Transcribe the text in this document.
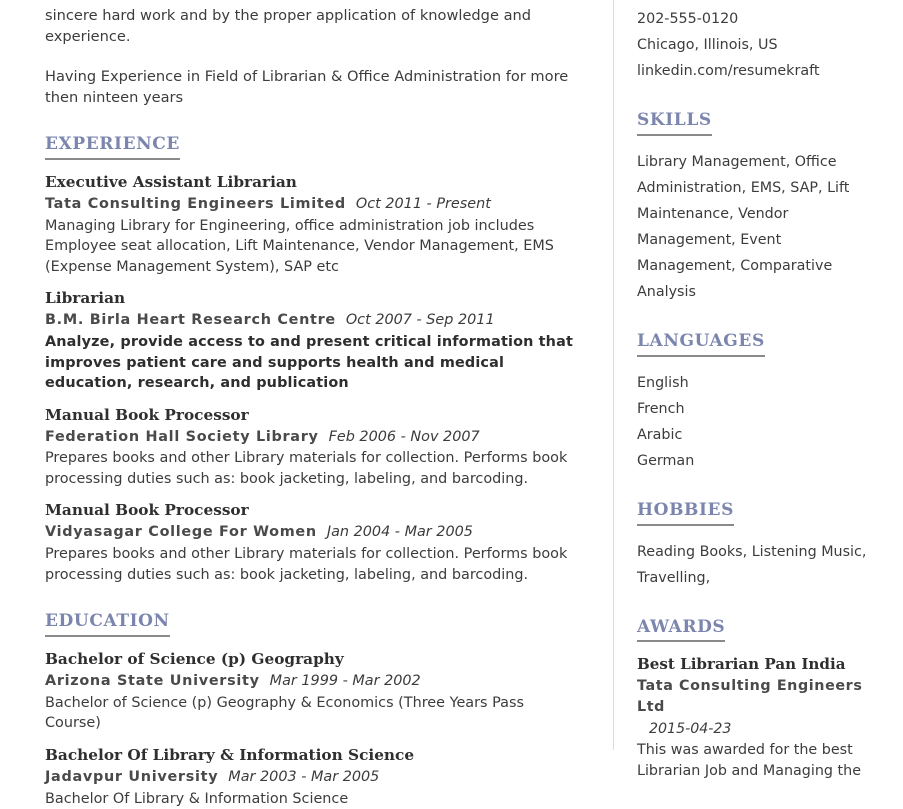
sincere hard work and by the proper application of knowledge and experience.

Having Experience in Field of Librarian & Office Administration for more then ninteen years

EXPERIENCE
Executive Assistant Librarian
Tata Consulting Engineers Limited Oct 2011 - Present
Managing Library for Engineering, office administration job includes Employee seat allocation, Lift Maintenance, Vendor Management, EMS (Expense Management System), SAP etc
Librarian
B.M. Birla Heart Research Centre Oct 2007 - Sep 2011
Analyze, provide access to and present critical information that improves patient care and supports health and medical education, research, and publication
Manual Book Processor
Federation Hall Society Library Feb 2006 - Nov 2007
Prepares books and other Library materials for collection. Performs book processing duties such as: book jacketing, labeling, and barcoding.
Manual Book Processor
Vidyasagar College For Women Jan 2004 - Mar 2005
Prepares books and other Library materials for collection. Performs book processing duties such as: book jacketing, labeling, and barcoding.
EDUCATION
Bachelor of Science (p) Geography
Arizona State University Mar 1999 - Mar 2002
Bachelor of Science (p) Geography & Economics (Three Years Pass Course)
Bachelor Of Library & Information Science
Jadavpur University Mar 2003 - Mar 2005
Bachelor Of Library & Information Science
202-555-0120
Chicago, Illinois, US
linkedin.com/resumekraft
SKILLS
Library Management, Office Administration, EMS, SAP, Lift Maintenance, Vendor Management, Event Management, Comparative Analysis
LANGUAGES
English
French
Arabic
German
HOBBIES
Reading Books, Listening Music, Travelling,
AWARDS
Best Librarian Pan India
Tata Consulting Engineers Ltd
2015-04-23
This was awarded for the best Librarian Job and Managing the
